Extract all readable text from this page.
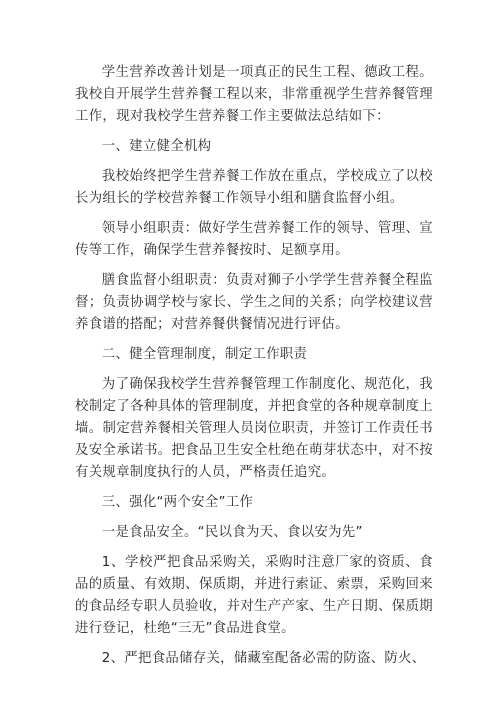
学生营养改善计划是一项真正的民生工程、德政工程。我校自开展学生营养餐工程以来，非常重视学生营养餐管理工作，现对我校学生营养餐工作主要做法总结如下：

一、建立健全机构

我校始终把学生营养餐工作放在重点，学校成立了以校长为组长的学校营养餐工作领导小组和膳食监督小组。

领导小组职责：做好学生营养餐工作的领导、管理、宣传等工作，确保学生营养餐按时、足额享用。

膳食监督小组职责：负责对狮子小学学生营养餐全程监督；负责协调学校与家长、学生之间的关系；向学校建议营养食谱的搭配；对营养餐供餐情况进行评估。

二、健全管理制度，制定工作职责

为了确保我校学生营养餐管理工作制度化、规范化，我校制定了各种具体的管理制度，并把食堂的各种规章制度上墙。制定营养餐相关管理人员岗位职责，并签订工作责任书及安全承诺书。把食品卫生安全杜绝在萌芽状态中，对不按有关规章制度执行的人员，严格责任追究。

三、强化“两个安全”工作

一是食品安全。“民以食为天、食以安为先”

1、学校严把食品采购关，采购时注意厂家的资质、食品的质量、有效期、保质期，并进行索证、索票，采购回来的食品经专职人员验收，并对生产产家、生产日期、保质期进行登记，杜绝“三无”食品进食堂。

2、严把食品储存关，储藏室配备必需的防盗、防火、
